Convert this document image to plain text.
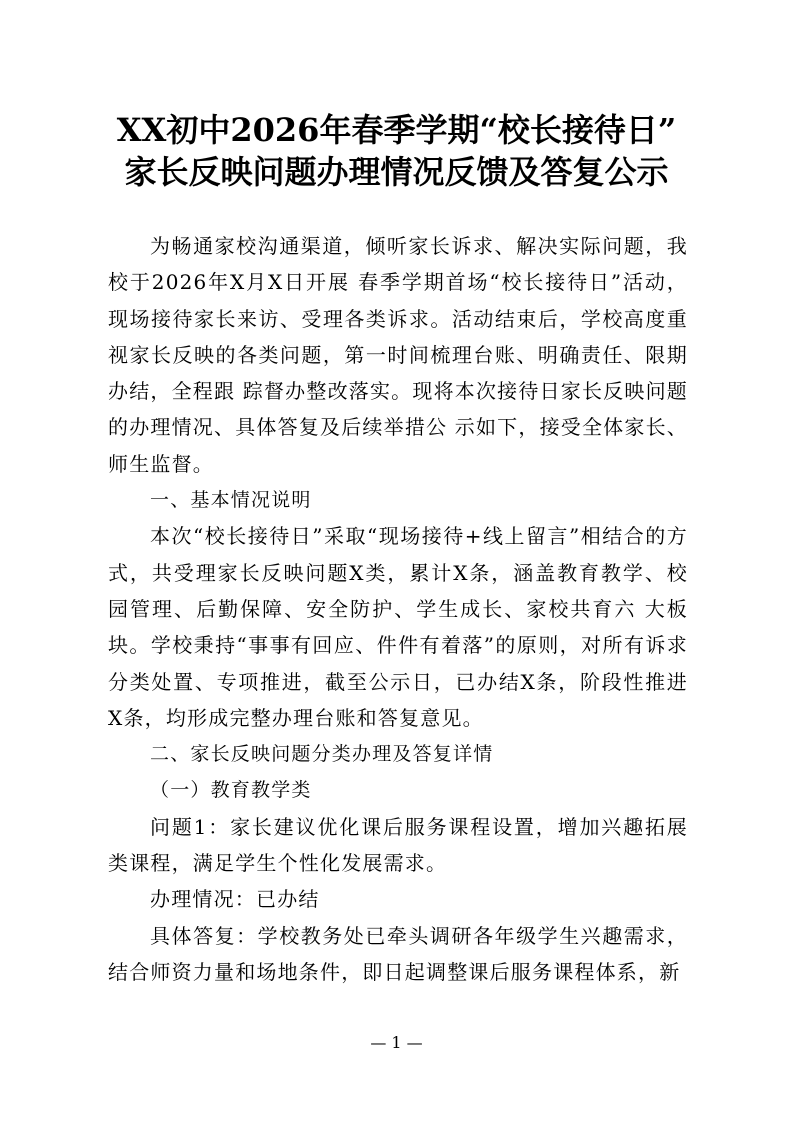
XX初中2026年春季学期“校长接待日”
家长反映问题办理情况反馈及答复公示

为畅通家校沟通渠道，倾听家长诉求、解决实际问题，我校于2026年X月X日开展 春季学期首场“校长接待日”活动，现场接待家长来访、受理各类诉求。活动结束后，学校高度重视家长反映的各类问题，第一时间梳理台账、明确责任、限期办结，全程跟 踪督办整改落实。现将本次接待日家长反映问题的办理情况、具体答复及后续举措公 示如下，接受全体家长、师生监督。

一、基本情况说明

本次“校长接待日”采取“现场接待+线上留言”相结合的方式，共受理家长反映问题X类，累计X条，涵盖教育教学、校园管理、后勤保障、安全防护、学生成长、家校共育六 大板块。学校秉持“事事有回应、件件有着落”的原则，对所有诉求分类处置、专项推进，截至公示日，已办结X条，阶段性推进X条，均形成完整办理台账和答复意见。

二、家长反映问题分类办理及答复详情

（一）教育教学类

问题1：家长建议优化课后服务课程设置，增加兴趣拓展类课程，满足学生个性化发展需求。

办理情况：已办结

具体答复：学校教务处已牵头调研各年级学生兴趣需求，结合师资力量和场地条件，即日起调整课后服务课程体系，新

— 1 —
